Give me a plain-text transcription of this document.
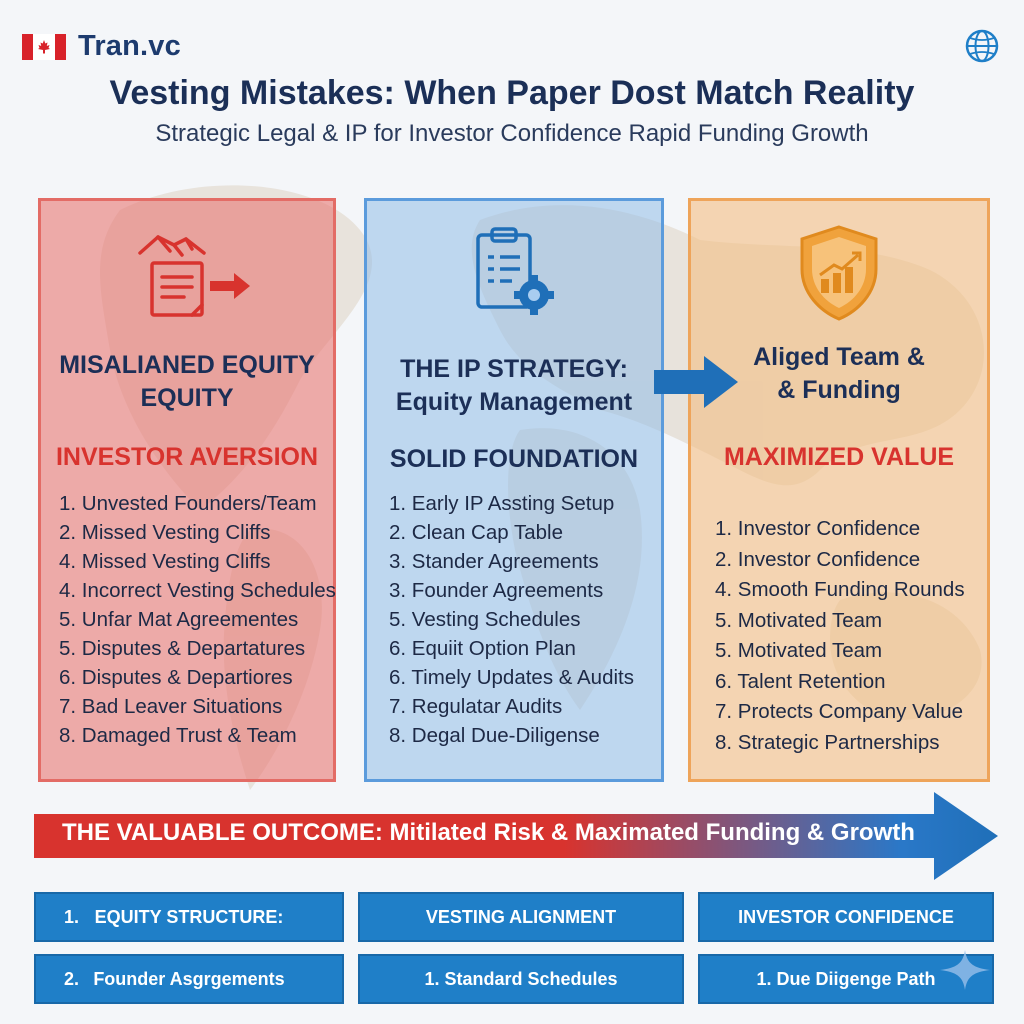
Tran.vc
Vesting Mistakes: When Paper Dost Match Reality
Strategic Legal & IP for Investor Confidence Rapid Funding Growth
MISALIANED EQUITY
EQUITY
INVESTOR AVERSION
1. Unvested Founders/Team
2. Missed Vesting Cliffs
4. Missed Vesting Cliffs
4. Incorrect Vesting Schedules
5. Unfar Mat Agreementes
5. Disputes & Departatures
6. Disputes & Departiores
7. Bad Leaver Situations
8. Damaged Trust & Team
THE IP STRATEGY:
Equity Management
SOLID FOUNDATION
1. Early IP Assting Setup
2. Clean Cap Table
3. Stander Agreements
3. Founder Agreements
5. Vesting Schedules
6. Equiit Option Plan
6. Timely Updates & Audits
7. Regulatar Audits
8. Degal Due-Diligense
Aliged Team &
& Funding
MAXIMIZED VALUE
1. Investor Confidence
2. Investor Confidence
4. Smooth Funding Rounds
5. Motivated Team
5. Motivated Team
6. Talent Retention
7. Protects Company Value
8. Strategic Partnerships
THE VALUABLE OUTCOME: Mitilated Risk & Maximated Funding & Growth
1. EQUITY STRUCTURE:	VESTING ALIGNMENT	INVESTOR CONFIDENCE
2. Founder Asgrgements	1. Standard Schedules	1. Due Diigenge Path
